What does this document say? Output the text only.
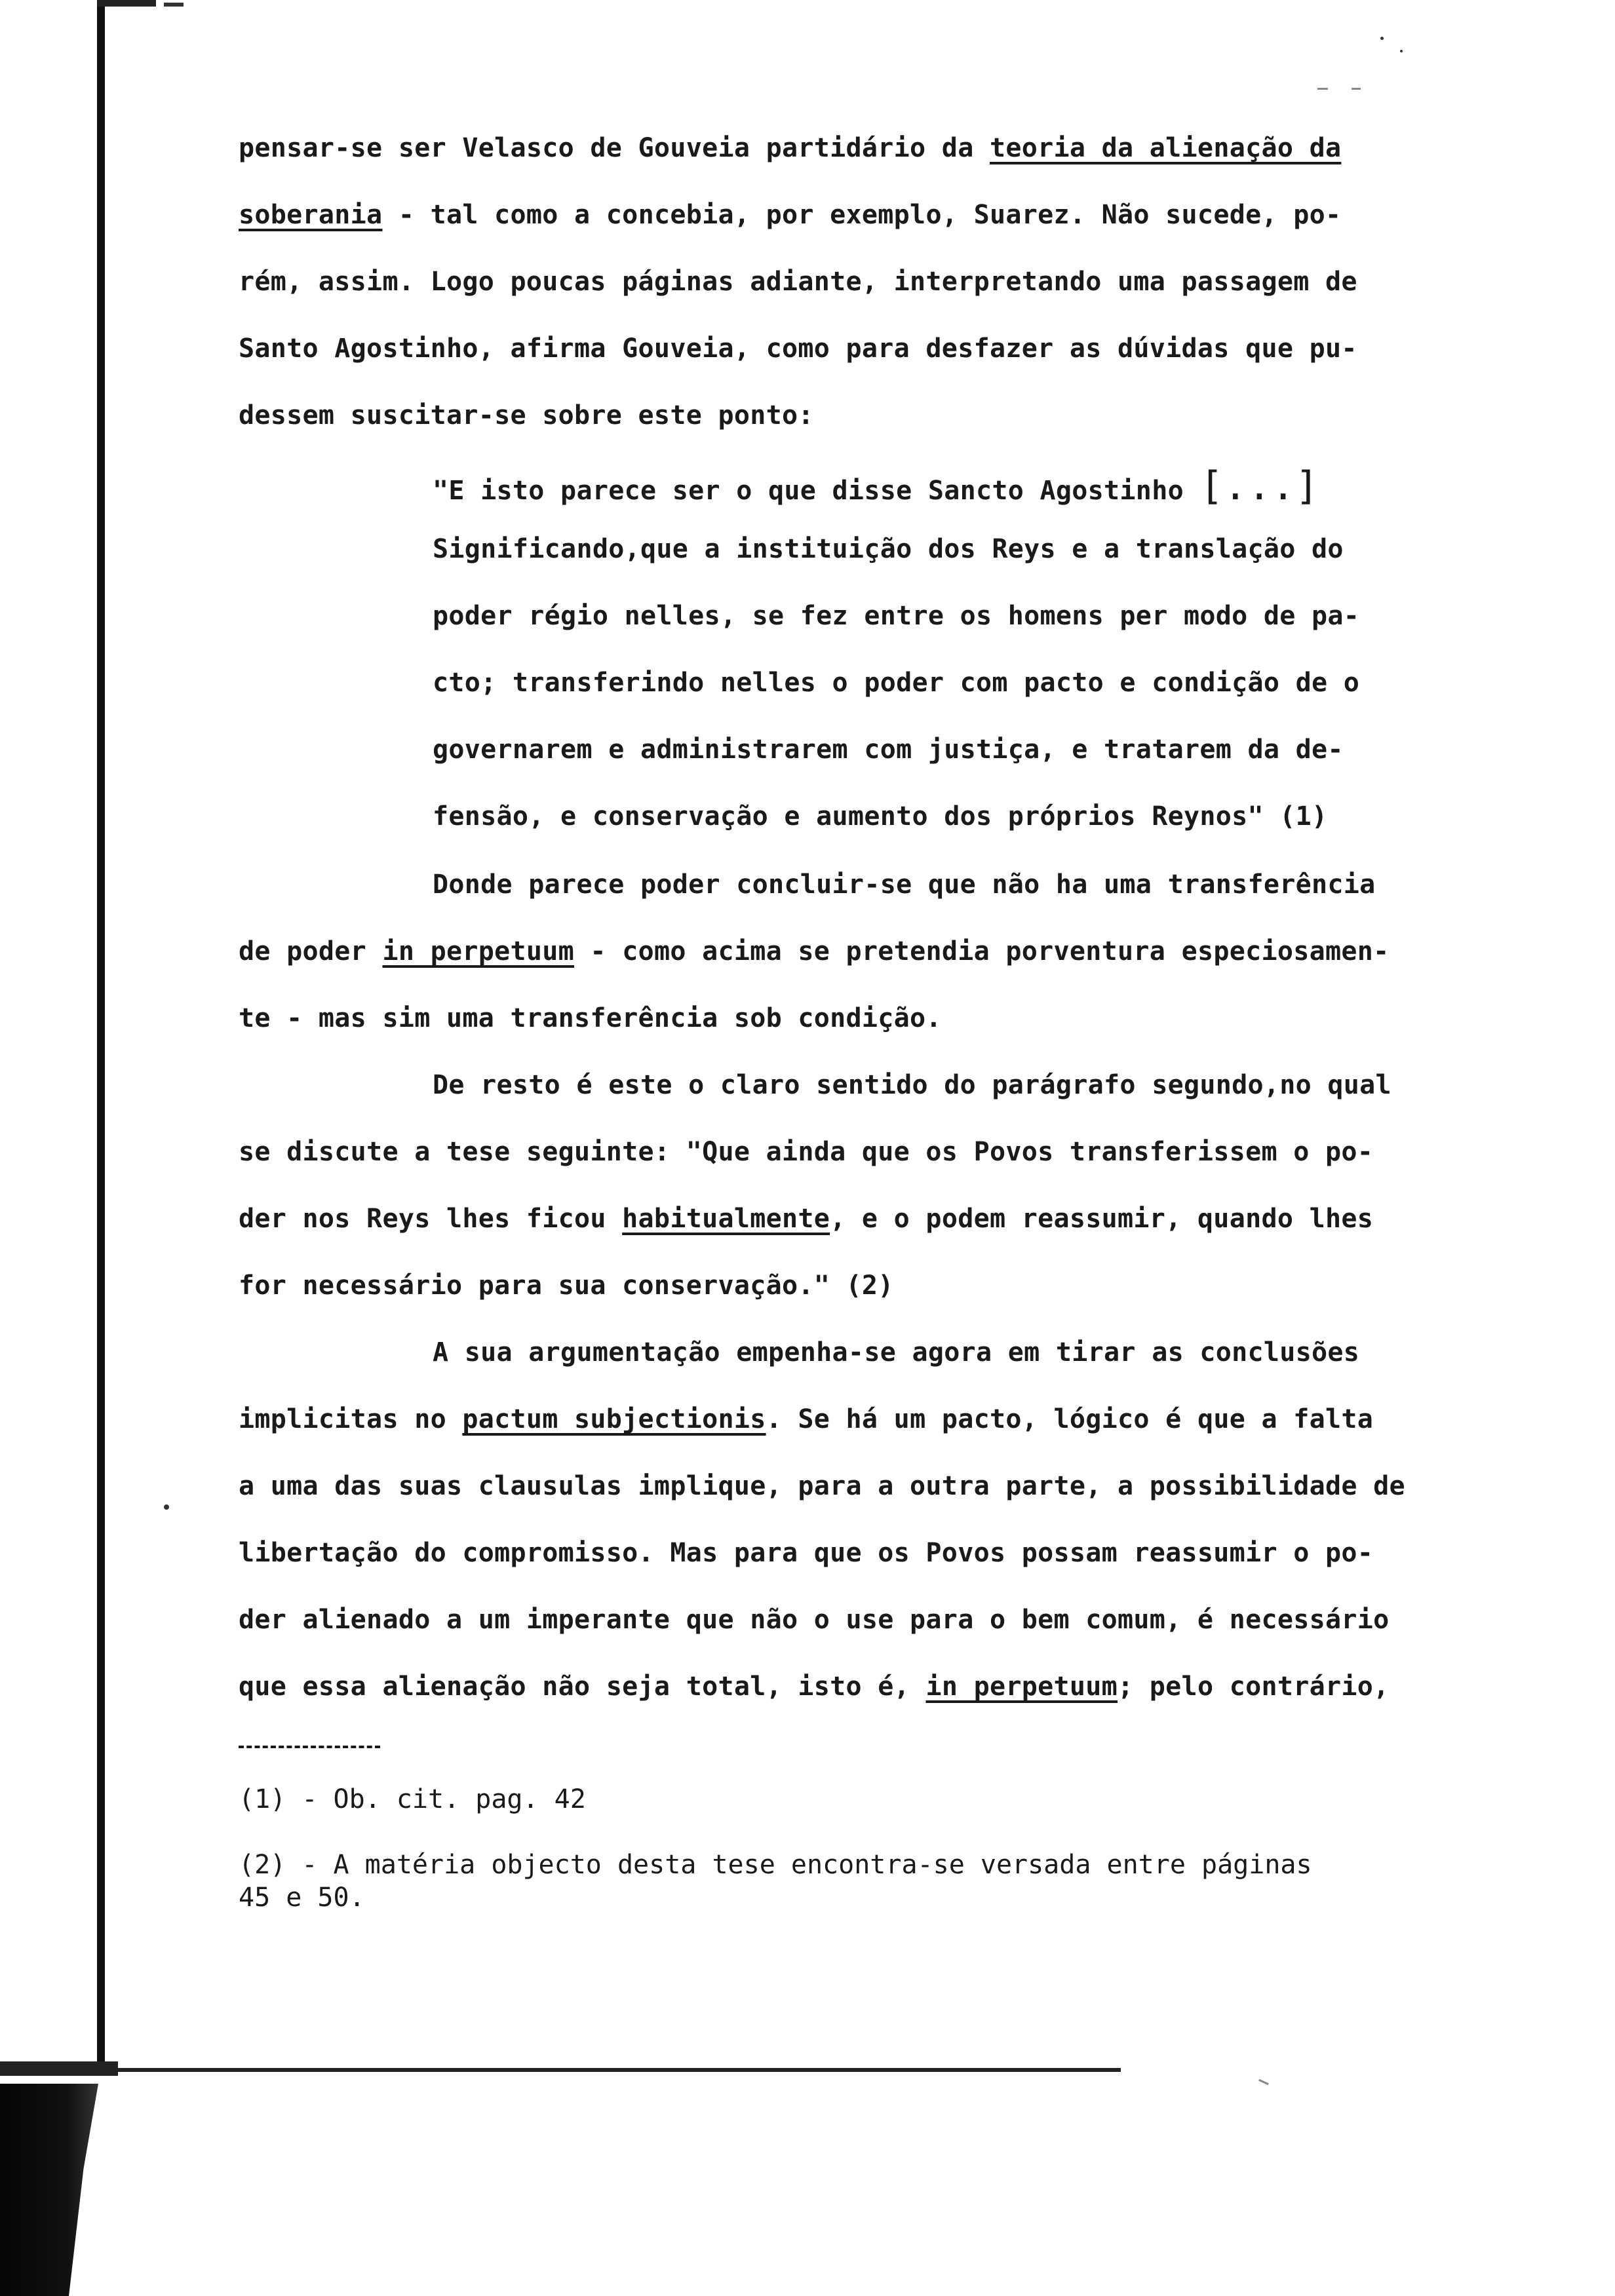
pensar-se ser Velasco de Gouveia partidário da teoria da alienação da
soberania - tal como a concebia, por exemplo, Suarez. Não sucede, po-
rém, assim. Logo poucas páginas adiante, interpretando uma passagem de
Santo Agostinho, afirma Gouveia, como para desfazer as dúvidas que pu-
dessem suscitar-se sobre este ponto:
"E isto parece ser o que disse Sancto Agostinho [...]
Significando,que a instituição dos Reys e a translação do
poder régio nelles, se fez entre os homens per modo de pa-
cto; transferindo nelles o poder com pacto e condição de o
governarem e administrarem com justiça, e tratarem da de-
fensão, e conservação e aumento dos próprios Reynos" (1)
Donde parece poder concluir-se que não ha uma transferência
de poder in perpetuum - como acima se pretendia porventura especiosamen-
te - mas sim uma transferência sob condição.
De resto é este o claro sentido do parágrafo segundo,no qual
se discute a tese seguinte: "Que ainda que os Povos transferissem o po-
der nos Reys lhes ficou habitualmente, e o podem reassumir, quando lhes
for necessário para sua conservação." (2)
A sua argumentação empenha-se agora em tirar as conclusões
implicitas no pactum subjectionis. Se há um pacto, lógico é que a falta
a uma das suas clausulas implique, para a outra parte, a possibilidade de
libertação do compromisso. Mas para que os Povos possam reassumir o po-
der alienado a um imperante que não o use para o bem comum, é necessário
que essa alienação não seja total, isto é, in perpetuum; pelo contrário,
(1) - Ob. cit. pag. 42
(2) - A matéria objecto desta tese encontra-se versada entre páginas
45 e 50.
